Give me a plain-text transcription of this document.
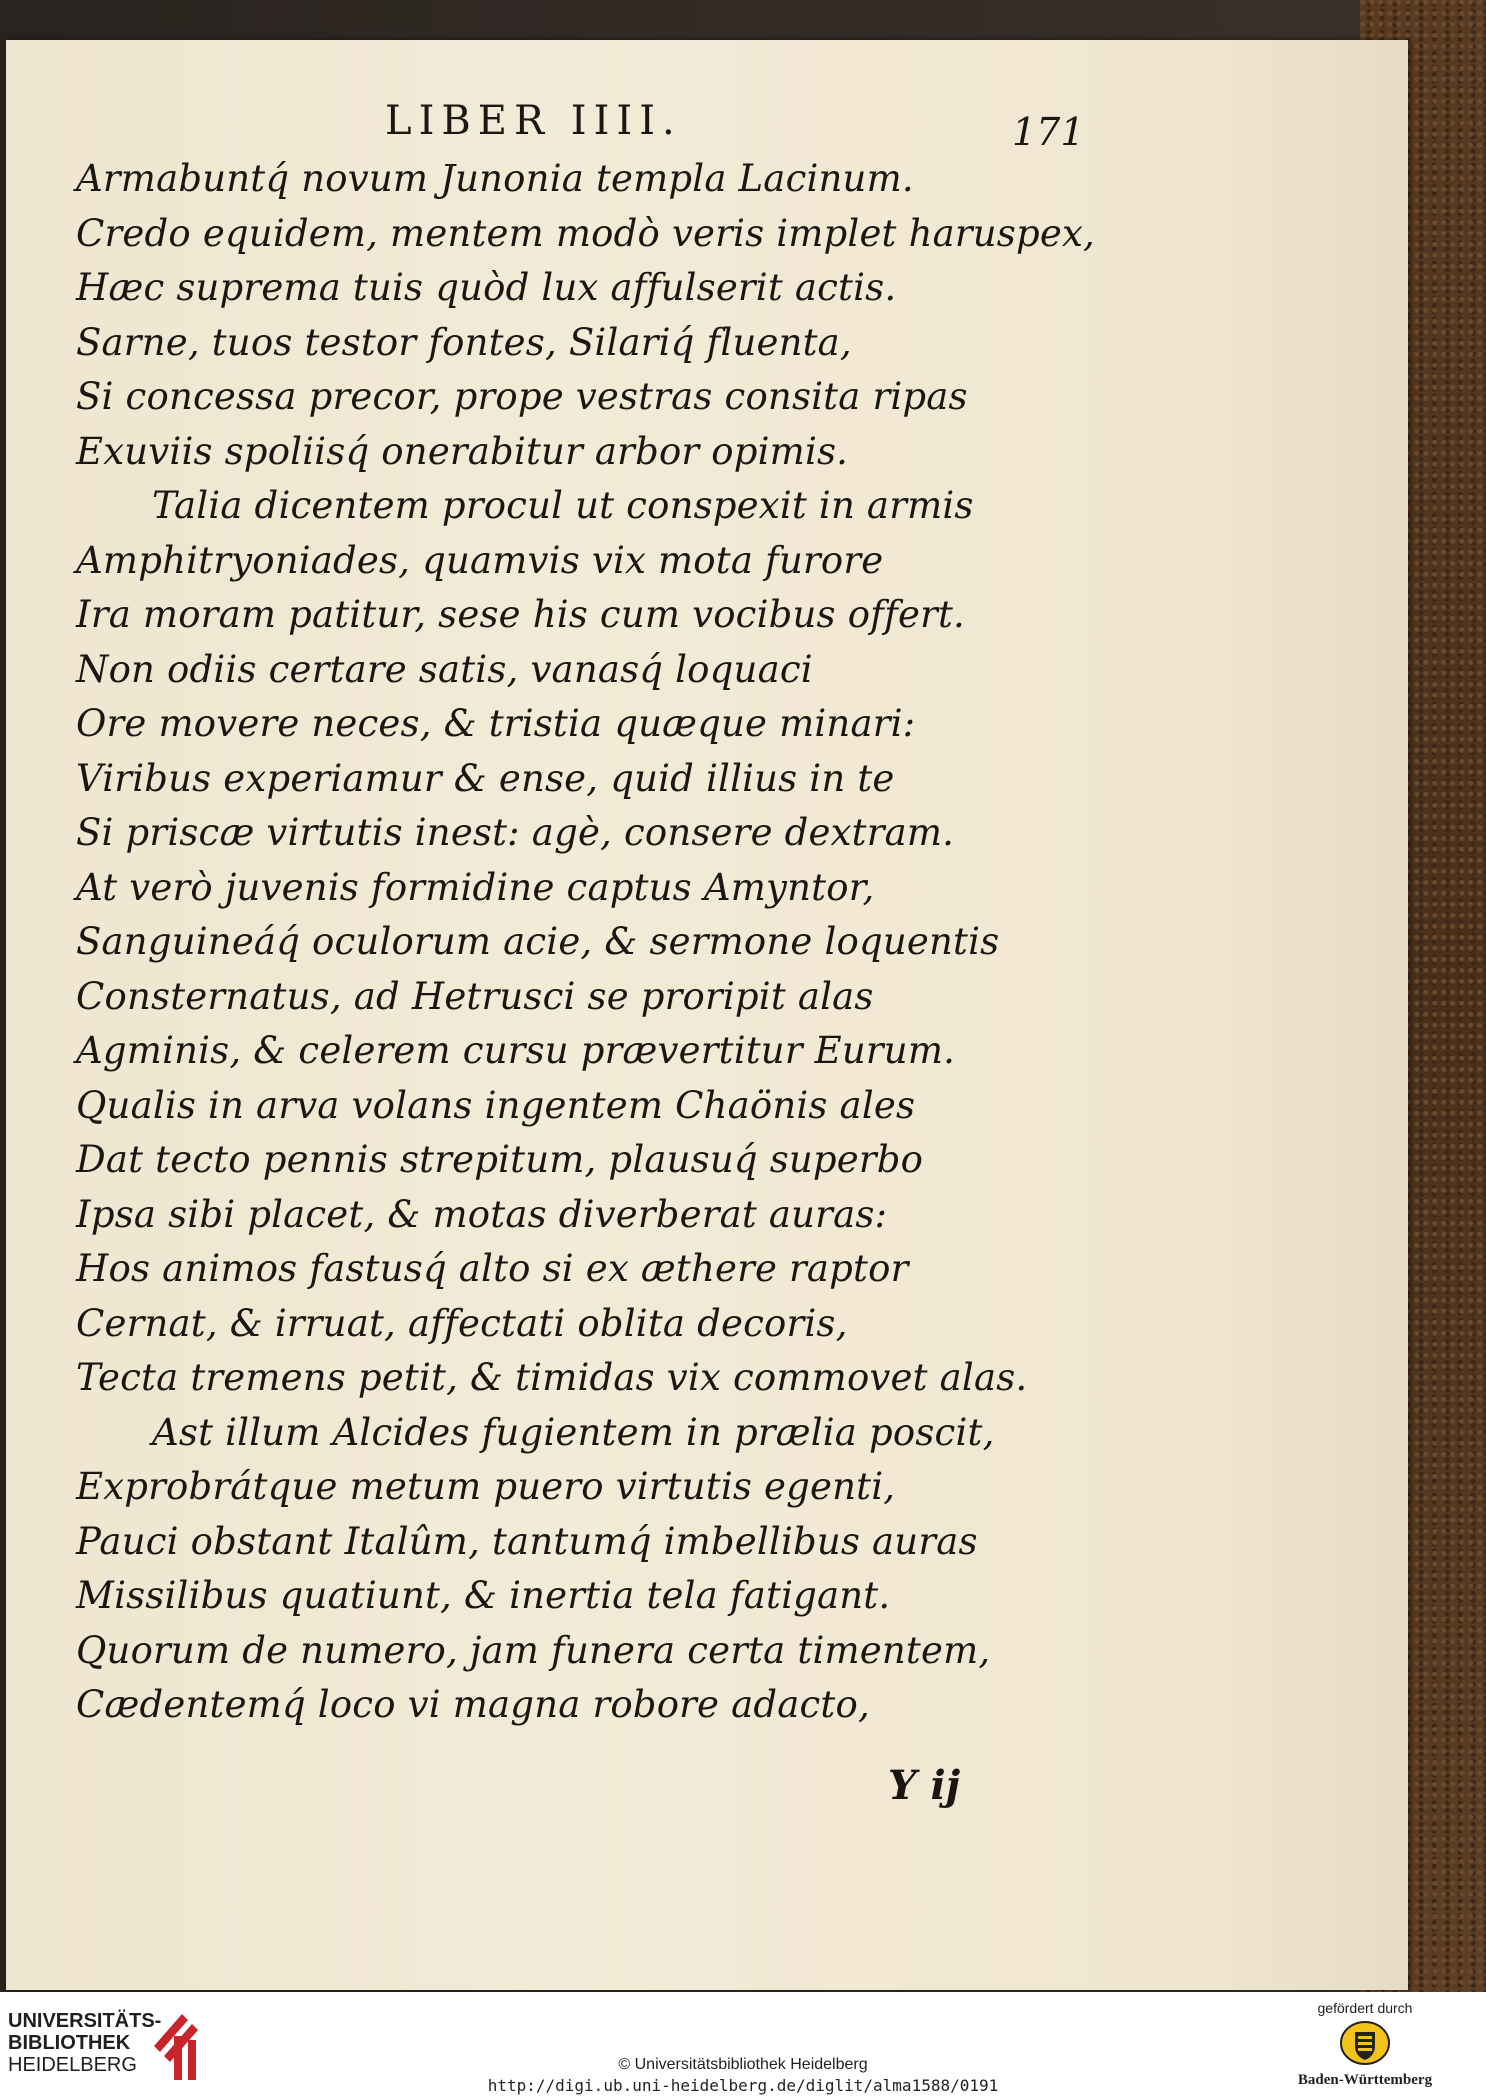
LIBER IIII.	171
Armabuntq́ novum Junonia templa Lacinum.
Credo equidem, mentem modò veris implet haruspex,
Hæc suprema tuis quòd lux affulserit actis.
Sarne, tuos testor fontes, Silariq́ fluenta,
Si concessa precor, prope vestras consita ripas
Exuviis spoliisq́ onerabitur arbor opimis.
Talia dicentem procul ut conspexit in armis
Amphitryoniades, quamvis vix mota furore
Ira moram patitur, sese his cum vocibus offert.
Non odiis certare satis, vanasq́ loquaci
Ore movere neces, & tristia quæque minari:
Viribus experiamur & ense, quid illius in te
Si priscæ virtutis inest: agè, consere dextram.
At verò juvenis formidine captus Amyntor,
Sanguineáq́ oculorum acie, & sermone loquentis
Consternatus, ad Hetrusci se proripit alas
Agminis, & celerem cursu prævertitur Eurum.
Qualis in arva volans ingentem Chaönis ales
Dat tecto pennis strepitum, plausuq́ superbo
Ipsa sibi placet, & motas diverberat auras:
Hos animos fastusq́ alto si ex æthere raptor
Cernat, & irruat, affectati oblita decoris,
Tecta tremens petit, & timidas vix commovet alas.
Ast illum Alcides fugientem in prælia poscit,
Exprobrátque metum puero virtutis egenti,
Pauci obstant Italûm, tantumq́ imbellibus auras
Missilibus quatiunt, & inertia tela fatigant.
Quorum de numero, jam funera certa timentem,
Cædentemq́ loco vi magna robore adacto,
Y ij
UNIVERSITÄTS-
BIBLIOTHEK
HEIDELBERG	© Universitätsbibliothek Heidelberg
http://digi.ub.uni-heidelberg.de/diglit/alma1588/0191
gefördert durch
Baden-Württemberg
